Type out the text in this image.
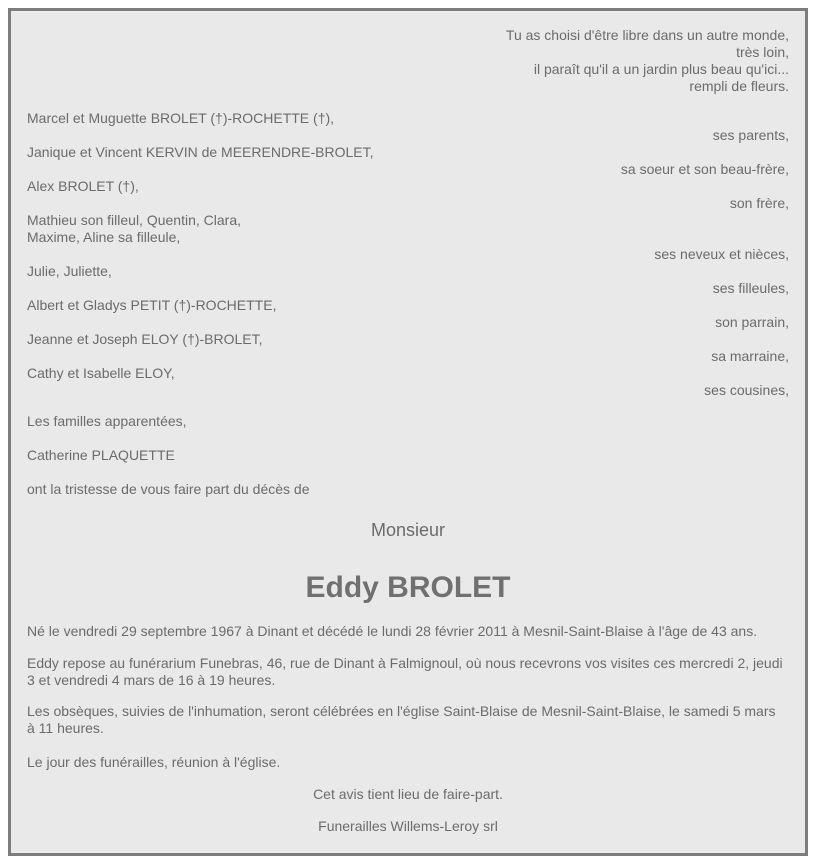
Tu as choisi d'être libre dans un autre monde,
très loin,
il paraît qu'il a un jardin plus beau qu'ici...
rempli de fleurs.
Marcel et Muguette BROLET (†)-ROCHETTE (†),
ses parents,
Janique et Vincent KERVIN de MEERENDRE-BROLET,
sa soeur et son beau-frère,
Alex BROLET (†),
son frère,
Mathieu son filleul, Quentin, Clara,
Maxime, Aline sa filleule,
ses neveux et nièces,
Julie, Juliette,
ses filleules,
Albert et Gladys PETIT (†)-ROCHETTE,
son parrain,
Jeanne et Joseph ELOY (†)-BROLET,
sa marraine,
Cathy et Isabelle ELOY,
ses cousines,
Les familles apparentées,
Catherine PLAQUETTE
ont la tristesse de vous faire part du décès de
Monsieur
Eddy BROLET
Né le vendredi 29 septembre 1967 à Dinant et décédé le lundi 28 février 2011 à Mesnil-Saint-Blaise à l'âge de 43 ans.
Eddy repose au funérarium Funebras, 46, rue de Dinant à Falmignoul, où nous recevrons vos visites ces mercredi 2, jeudi 3 et vendredi 4 mars de 16 à 19 heures.
Les obsèques, suivies de l'inhumation, seront célébrées en l'église Saint-Blaise de Mesnil-Saint-Blaise, le samedi 5 mars à 11 heures.
Le jour des funérailles, réunion à l'église.
Cet avis tient lieu de faire-part.
Funerailles Willems-Leroy srl
